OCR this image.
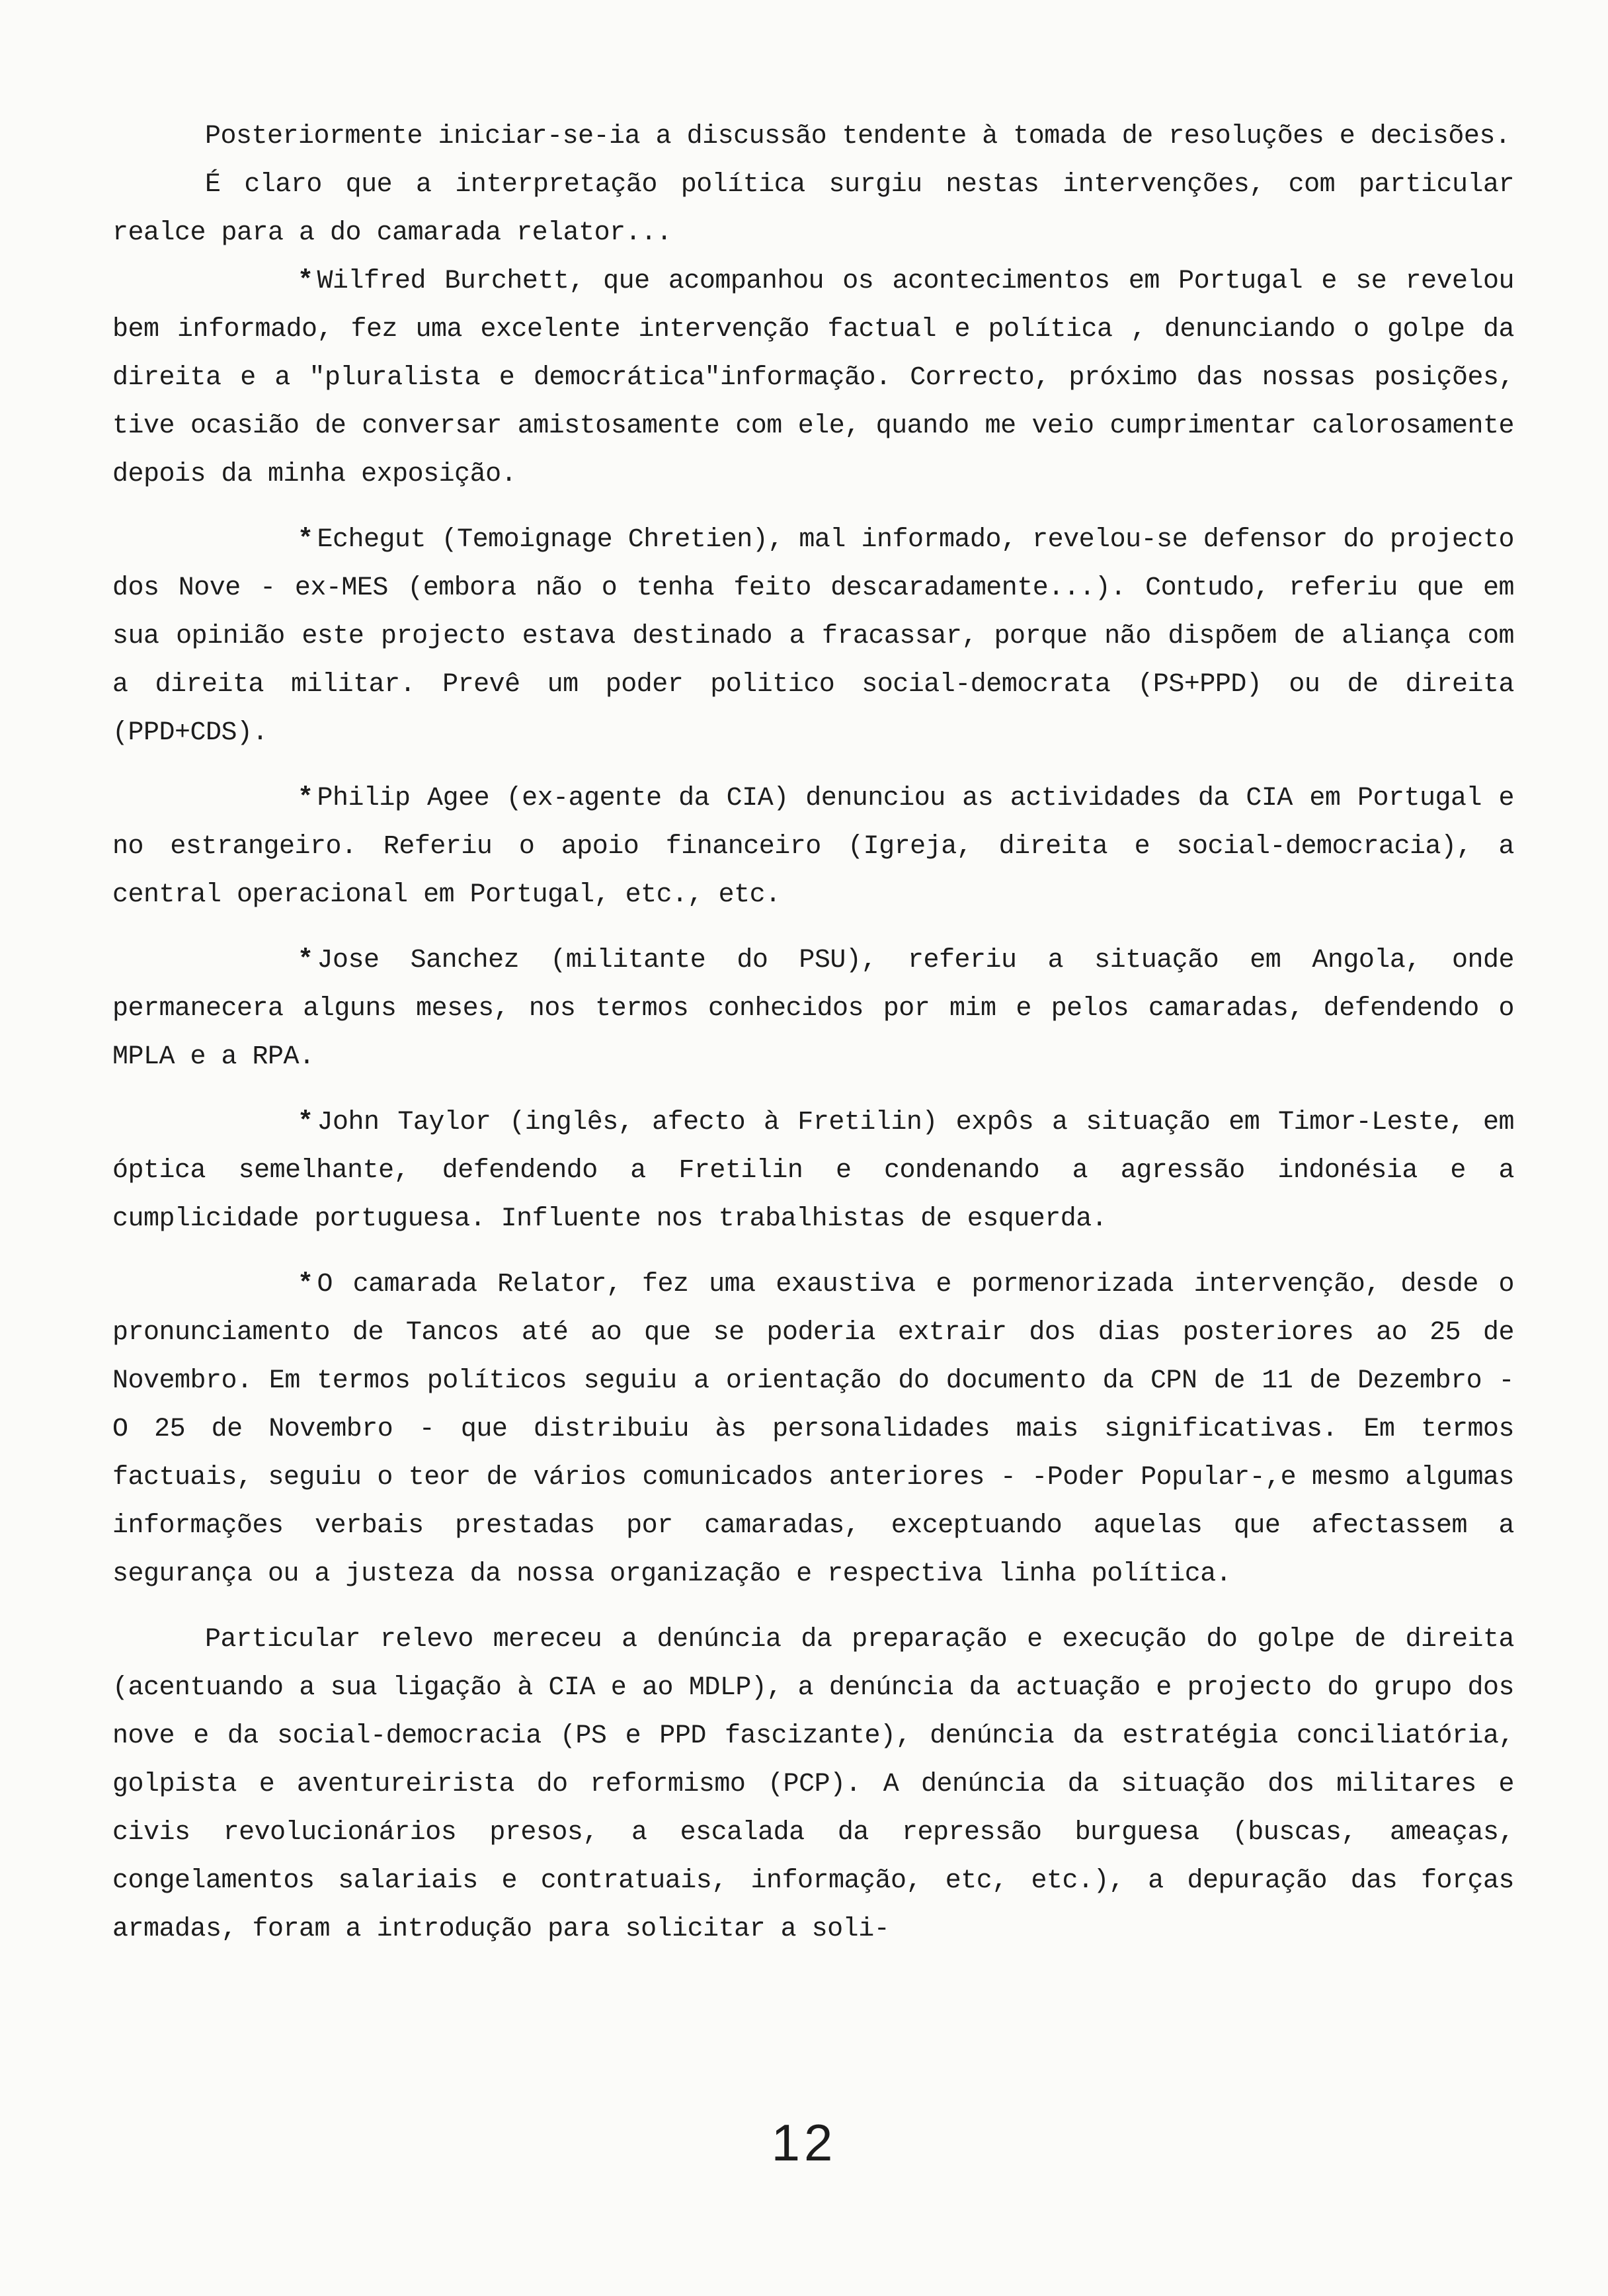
Posteriormente iniciar-se-ia a discussão tendente à tomada de resoluções e decisões.

É claro que a interpretação política surgiu nestas intervenções, com particular realce para a do camarada relator...

* Wilfred Burchett, que acompanhou os acontecimentos em Portugal e se revelou bem informado, fez uma excelente intervenção factual e política , denunciando o golpe da direita e a "pluralista e democrática"informação. Correcto, próximo das nossas posições, tive ocasião de conversar amistosamente com ele, quando me veio cumprimentar calorosamente depois da minha exposição.

* Echegut (Temoignage Chretien), mal informado, revelou-se defensor do projecto dos Nove - ex-MES (embora não o tenha feito descaradamente...). Contudo, referiu que em sua opinião este projecto estava destinado a fracassar, porque não dispõem de aliança com a direita militar. Prevê um poder politico social-democrata (PS+PPD) ou de direita (PPD+CDS).

* Philip Agee (ex-agente da CIA) denunciou as actividades da CIA em Portugal e no estrangeiro. Referiu o apoio financeiro (Igreja, direita e social-democracia), a central operacional em Portugal, etc., etc.

* Jose Sanchez (militante do PSU), referiu a situação em Angola, onde permanecera alguns meses, nos termos conhecidos por mim e pelos camaradas, defendendo o MPLA e a RPA.

* John Taylor (inglês, afecto à Fretilin) expôs a situação em Timor-Leste, em óptica semelhante, defendendo a Fretilin e condenando a agressão indonésia e a cumplicidade portuguesa. Influente nos trabalhistas de esquerda.

* O camarada Relator, fez uma exaustiva e pormenorizada intervenção, desde o pronunciamento de Tancos até ao que se poderia extrair dos dias posteriores ao 25 de Novembro. Em termos políticos seguiu a orientação do documento da CPN de 11 de Dezembro - O 25 de Novembro - que distribuiu às personalidades mais significativas. Em termos factuais, seguiu o teor de vários comunicados anteriores - -Poder Popular-,e mesmo algumas informações verbais prestadas por camaradas, exceptuando aquelas que afectassem a segurança ou a justeza da nossa organização e respectiva linha política.

Particular relevo mereceu a denúncia da preparação e execução do golpe de direita (acentuando a sua ligação à CIA e ao MDLP), a denúncia da actuação e projecto do grupo dos nove e da social-democracia (PS e PPD fascizante), denúncia da estratégia conciliatória, golpista e aventureirista do reformismo (PCP). A denúncia da situação dos militares e civis revolucionários presos, a escalada da repressão burguesa (buscas, ameaças, congelamentos salariais e contratuais, informação, etc, etc.), a depuração das forças armadas, foram a introdução para solicitar a soli-

12
